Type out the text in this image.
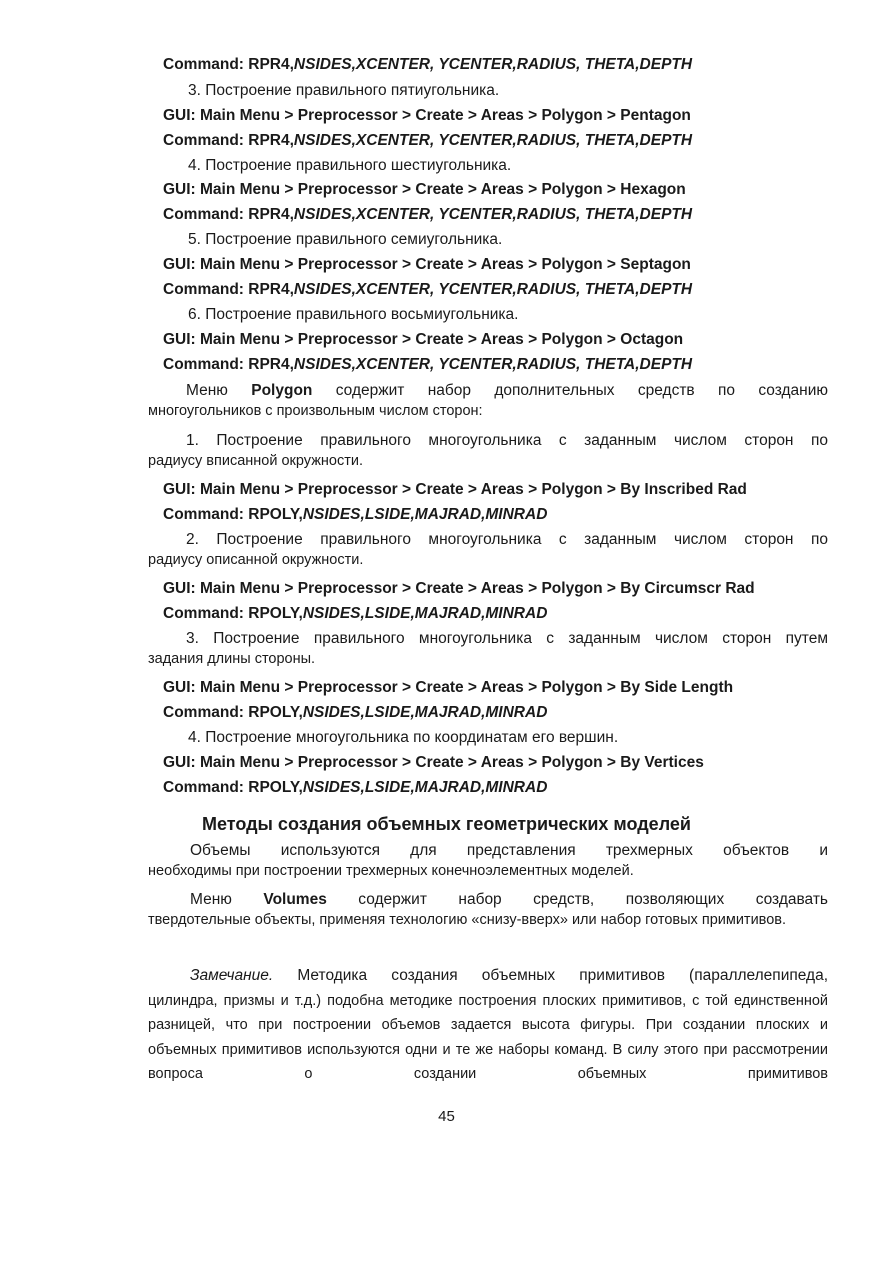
Command: RPR4,NSIDES,XCENTER, YCENTER,RADIUS, THETA,DEPTH
3. Построение правильного пятиугольника.
GUI: Main Menu > Preprocessor > Create > Areas > Polygon > Pentagon
Command: RPR4,NSIDES,XCENTER, YCENTER,RADIUS, THETA,DEPTH
4. Построение правильного шестиугольника.
GUI: Main Menu > Preprocessor > Create > Areas > Polygon > Hexagon
Command: RPR4,NSIDES,XCENTER, YCENTER,RADIUS, THETA,DEPTH
5. Построение правильного семиугольника.
GUI: Main Menu > Preprocessor > Create > Areas > Polygon > Septagon
Command: RPR4,NSIDES,XCENTER, YCENTER,RADIUS, THETA,DEPTH
6. Построение правильного восьмиугольника.
GUI: Main Menu > Preprocessor > Create > Areas > Polygon > Octagon
Command: RPR4,NSIDES,XCENTER, YCENTER,RADIUS, THETA,DEPTH
Меню Polygon содержит набор дополнительных средств по созданию
многоугольников с произвольным числом сторон:
1. Построение правильного многоугольника с заданным числом сторон по
радиусу вписанной окружности.
GUI: Main Menu > Preprocessor > Create > Areas > Polygon > By Inscribed Rad
Command: RPOLY,NSIDES,LSIDE,MAJRAD,MINRAD
2. Построение правильного многоугольника с заданным числом сторон по
радиусу описанной окружности.
GUI: Main Menu > Preprocessor > Create > Areas > Polygon > By Circumscr Rad
Command: RPOLY,NSIDES,LSIDE,MAJRAD,MINRAD
3. Построение правильного многоугольника с заданным числом сторон путем
задания длины стороны.
GUI: Main Menu > Preprocessor > Create > Areas > Polygon > By Side Length
Command: RPOLY,NSIDES,LSIDE,MAJRAD,MINRAD
4. Построение многоугольника по координатам его вершин.
GUI: Main Menu > Preprocessor > Create > Areas > Polygon > By Vertices
Command: RPOLY,NSIDES,LSIDE,MAJRAD,MINRAD
Методы создания объемных геометрических моделей
Объемы используются для представления трехмерных объектов и
необходимы при построении трехмерных конечноэлементных моделей.
Меню Volumes содержит набор средств, позволяющих создавать
твердотельные объекты, применяя технологию «снизу-вверх» или набор готовых примитивов.
Замечание. Методика создания объемных примитивов (параллелепипеда,
цилиндра, призмы и т.д.) подобна методике построения плоских примитивов, с той единственной разницей, что при построении объемов задается высота фигуры. При создании плоских и объемных примитивов используются одни и те же наборы команд. В силу этого при рассмотрении вопроса о создании объемных примитивов
45
